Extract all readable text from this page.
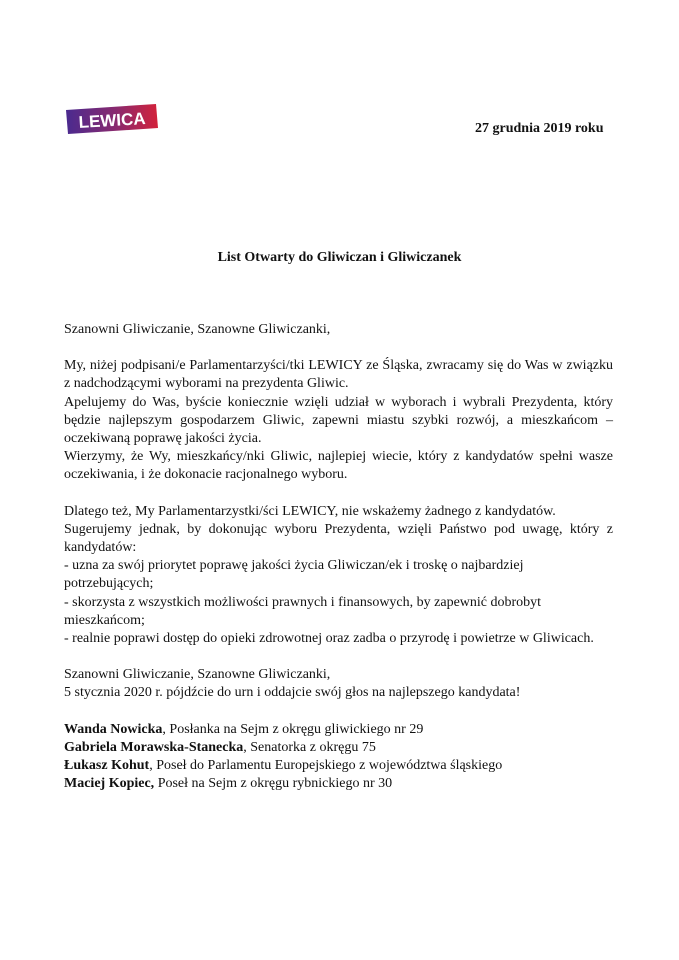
LEWICA	27 grudnia 2019 roku
List Otwarty do Gliwiczan i Gliwiczanek

Szanowni Gliwiczanie, Szanowne Gliwiczanki,

My, niżej podpisani/e Parlamentarzyści/tki LEWICY ze Śląska, zwracamy się do Was w związku z nadchodzącymi wyborami na prezydenta Gliwic.

Apelujemy do Was, byście koniecznie wzięli udział w wyborach i wybrali Prezydenta, który będzie najlepszym gospodarzem Gliwic, zapewni miastu szybki rozwój, a mieszkańcom – oczekiwaną poprawę jakości życia.

Wierzymy, że Wy, mieszkańcy/nki Gliwic, najlepiej wiecie, który z kandydatów spełni wasze oczekiwania, i że dokonacie racjonalnego wyboru.

Dlatego też, My Parlamentarzystki/ści LEWICY, nie wskażemy żadnego z kandydatów.

Sugerujemy jednak, by dokonując wyboru Prezydenta, wzięli Państwo pod uwagę, który z kandydatów:

- uzna za swój priorytet poprawę jakości życia Gliwiczan/ek i troskę o najbardziej potrzebujących;

- skorzysta z wszystkich możliwości prawnych i finansowych, by zapewnić dobrobyt mieszkańcom;

- realnie poprawi dostęp do opieki zdrowotnej oraz zadba o przyrodę i powietrze w Gliwicach.

Szanowni Gliwiczanie, Szanowne Gliwiczanki,

5 stycznia 2020 r. pójdźcie do urn i oddajcie swój głos na najlepszego kandydata!

Wanda Nowicka, Posłanka na Sejm z okręgu gliwickiego nr 29

Gabriela Morawska-Stanecka, Senatorka z okręgu 75

Łukasz Kohut, Poseł do Parlamentu Europejskiego z województwa śląskiego

Maciej Kopiec, Poseł na Sejm z okręgu rybnickiego nr 30
